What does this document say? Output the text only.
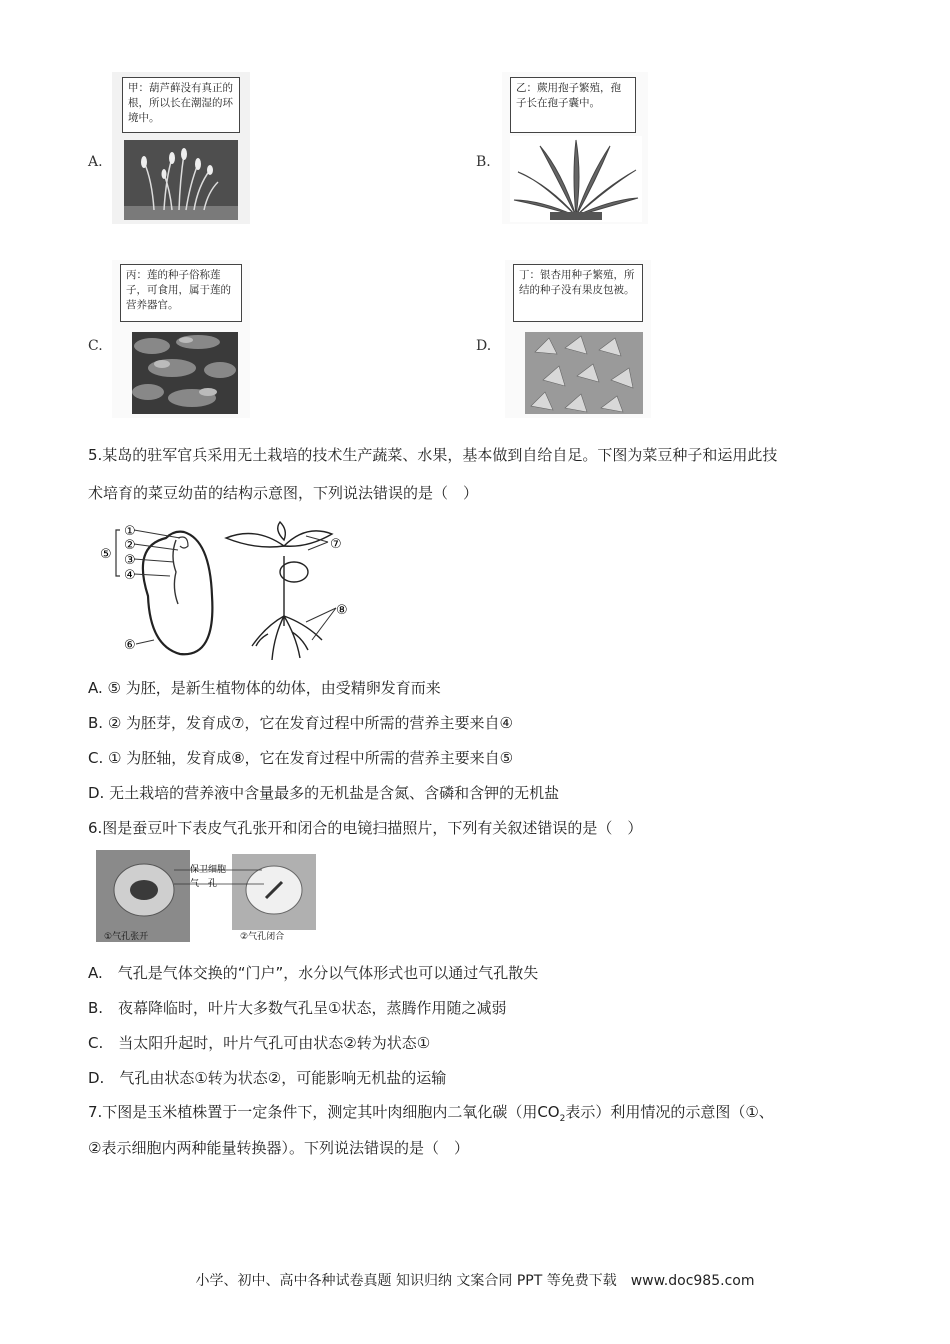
A.
甲：葫芦藓没有真正的根，所以长在潮湿的环境中。
B.
乙：蕨用孢子繁殖，孢子长在孢子囊中。
C.
丙：莲的种子俗称莲子，可食用，属于莲的营养器官。
D.
丁：银杏用种子繁殖，所结的种子没有果皮包被。
5.某岛的驻军官兵采用无土栽培的技术生产蔬菜、水果，基本做到自给自足。下图为菜豆种子和运用此技
术培育的菜豆幼苗的结构示意图，下列说法错误的是（　）
①
②
③
④
⑤
⑥
⑦
⑧
A. ⑤ 为胚，是新生植物体的幼体，由受精卵发育而来
B. ② 为胚芽，发育成⑦，它在发育过程中所需的营养主要来自④
C. ① 为胚轴，发育成⑧，它在发育过程中所需的营养主要来自⑤
D. 无土栽培的营养液中含量最多的无机盐是含氮、含磷和含钾的无机盐
6.图是蚕豆叶下表皮气孔张开和闭合的电镜扫描照片，下列有关叙述错误的是（　）
保卫细胞
气　孔
①气孔张开	②气孔闭合
A.　气孔是气体交换的“门户”，水分以气体形式也可以通过气孔散失
B.　夜幕降临时，叶片大多数气孔呈①状态，蒸腾作用随之减弱
C.　当太阳升起时，叶片气孔可由状态②转为状态①
D.　气孔由状态①转为状态②，可能影响无机盐的运输
7.下图是玉米植株置于一定条件下，测定其叶肉细胞内二氧化碳（用$CO_2$表示）利用情况的示意图（①、
②表示细胞内两种能量转换器）。下列说法错误的是（　）
小学、初中、高中各种试卷真题 知识归纳 文案合同 PPT 等免费下载　www.doc985.com
